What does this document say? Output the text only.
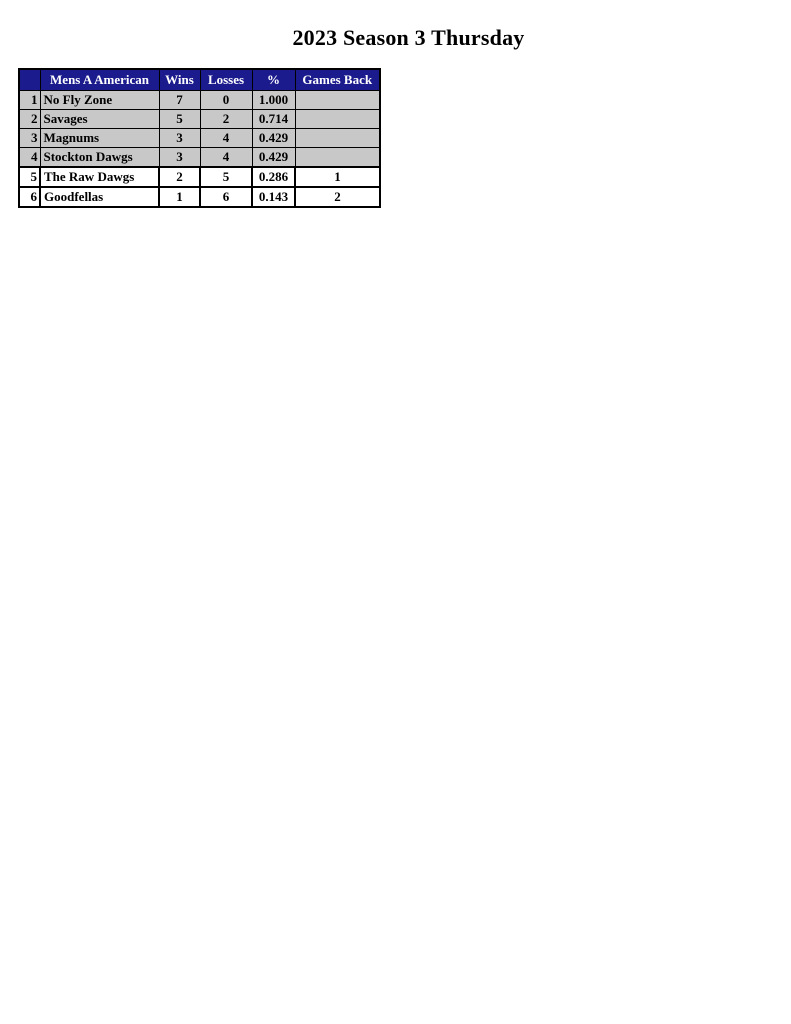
2023 Season 3 Thursday
	Mens A American	Wins	Losses	%	Games Back
1	No Fly Zone	7	0	1.000	
2	Savages	5	2	0.714	
3	Magnums	3	4	0.429	
4	Stockton Dawgs	3	4	0.429	
5	The Raw Dawgs	2	5	0.286	1
6	Goodfellas	1	6	0.143	2
